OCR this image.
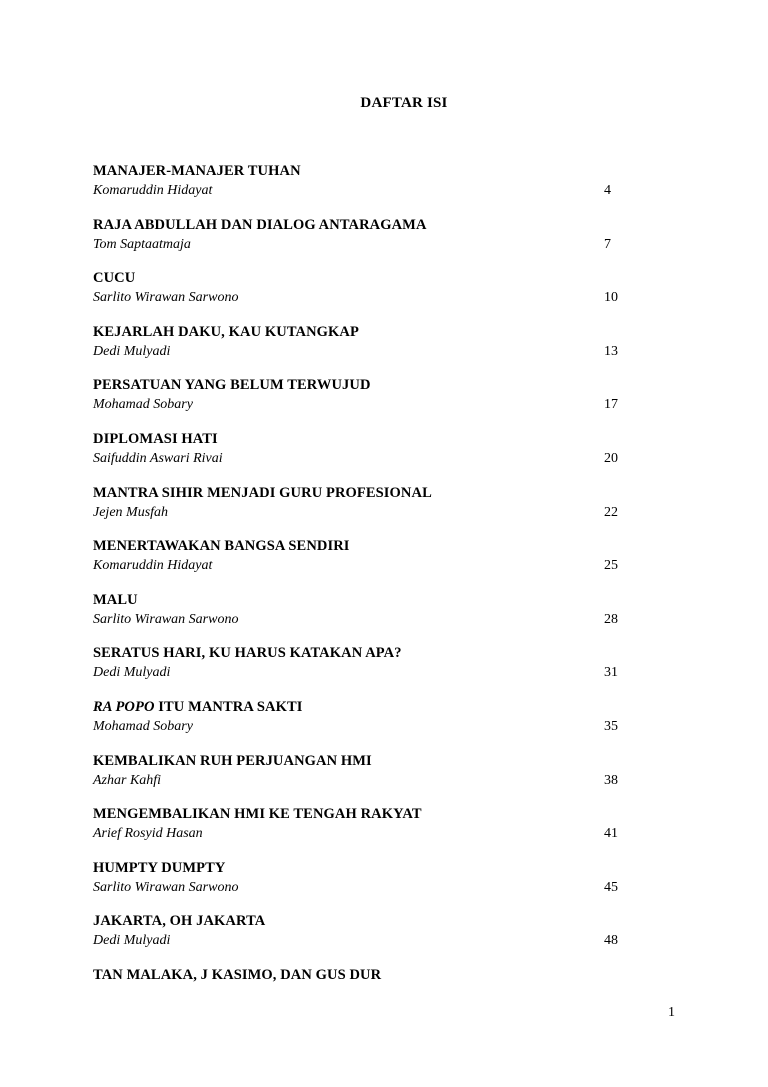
DAFTAR ISI
MANAJER-MANAJER TUHAN
Komaruddin Hidayat	4
RAJA ABDULLAH DAN DIALOG ANTARAGAMA
Tom Saptaatmaja	7
CUCU
Sarlito Wirawan Sarwono	10
KEJARLAH DAKU, KAU KUTANGKAP
Dedi Mulyadi	13
PERSATUAN YANG BELUM TERWUJUD
Mohamad Sobary	17
DIPLOMASI HATI
Saifuddin Aswari Rivai	20
MANTRA SIHIR MENJADI GURU PROFESIONAL
Jejen Musfah	22
MENERTAWAKAN BANGSA SENDIRI
Komaruddin Hidayat	25
MALU
Sarlito Wirawan Sarwono	28
SERATUS HARI, KU HARUS KATAKAN APA?
Dedi Mulyadi	31
RA POPO ITU MANTRA SAKTI
Mohamad Sobary	35
KEMBALIKAN RUH PERJUANGAN HMI
Azhar Kahfi	38
MENGEMBALIKAN HMI KE TENGAH RAKYAT
Arief Rosyid Hasan	41
HUMPTY DUMPTY
Sarlito Wirawan Sarwono	45
JAKARTA, OH JAKARTA
Dedi Mulyadi	48
TAN MALAKA, J KASIMO, DAN GUS DUR
1
